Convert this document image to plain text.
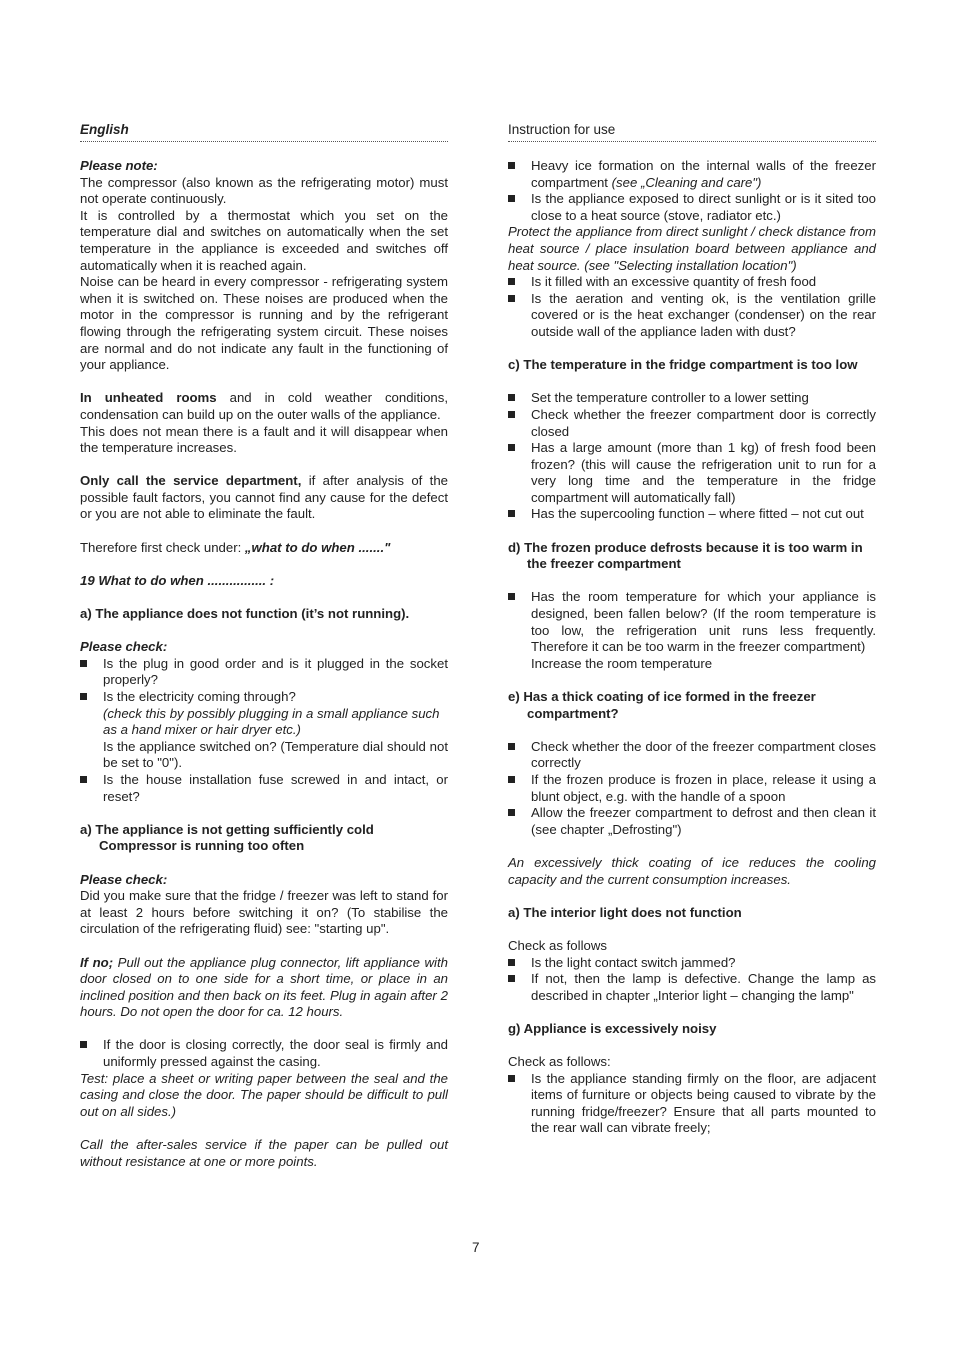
English	Instruction for use

Please note:

The compressor (also known as the refrigerating motor) must not operate continuously.

It is controlled by a thermostat which you set on the temperature dial and switches on automatically when the set temperature in the appliance is exceeded and switches off automatically when it is reached again.

Noise can be heard in every compressor - refrigerating system when it is switched on. These noises are produced when the motor in the compressor is running and by the refrigerant flowing through the refrigerating system circuit. These noises are normal and do not indicate any fault in the functioning of your appliance.

In unheated rooms and in cold weather conditions, condensation can build up on the outer walls of the appliance.

This does not mean there is a fault and it will disappear when the temperature increases.

Only call the service department, if after analysis of the possible fault factors, you cannot find any cause for the defect or you are not able to eliminate the fault.

Therefore first check under: „what to do when ......."

19 What to do when ................ :

a) The appliance does not function (it’s not running).

Please check:

Is the plug in good order and is it plugged in the socket properly?
Is the electricity coming through?
(check this by possibly plugging in a small appliance such as a hand mixer or hair dryer etc.)
Is the appliance switched on? (Temperature dial should not be set to "0").
Is the house installation fuse screwed in and intact, or reset?

a) The appliance is not getting sufficiently cold

Compressor is running too often

Please check:

Did you make sure that the fridge / freezer was left to stand for at least 2 hours before switching it on? (To stabilise the circulation of the refrigerating fluid) see: "starting up".

If no; Pull out the appliance plug connector, lift appliance with door closed on to one side for a short time, or place in an inclined position and then back on its feet. Plug in again after 2 hours. Do not open the door for ca. 12 hours.

If the door is closing correctly, the door seal is firmly and uniformly pressed against the casing.

Test: place a sheet or writing paper between the seal and the casing and close the door. The paper should be difficult to pull out on all sides.)

Call the after-sales service if the paper can be pulled out without resistance at one or more points.

Heavy ice formation on the internal walls of the freezer compartment (see „Cleaning and care")
Is the appliance exposed to direct sunlight or is it sited too close to a heat source (stove, radiator etc.)

Protect the appliance from direct sunlight / check distance from heat source / place insulation board between appliance and heat source. (see "Selecting installation location")

Is it filled with an excessive quantity of fresh food
Is the aeration and venting ok, is the ventilation grille covered or is the heat exchanger (condenser) on the rear outside wall of the appliance laden with dust?

c) The temperature in the fridge compartment is too low

Set the temperature controller to a lower setting
Check whether the freezer compartment door is correctly closed
Has a large amount (more than 1 kg) of fresh food been frozen? (this will cause the refrigeration unit to run for a very long time and the temperature in the fridge compartment will automatically fall)
Has the supercooling function – where fitted – not cut out

d) The frozen produce defrosts because it is too warm in the freezer compartment

Has the room temperature for which your appliance is designed, been fallen below? (If the room temperature is too low, the refrigeration unit runs less frequently. Therefore it can be too warm in the freezer compartment)
Increase the room temperature

e) Has a thick coating of ice formed in the freezer compartment?

Check whether the door of the freezer compartment closes correctly
If the frozen produce is frozen in place, release it using a blunt object, e.g. with the handle of a spoon
Allow the freezer compartment to defrost and then clean it (see chapter „Defrosting")

An excessively thick coating of ice reduces the cooling capacity and the current consumption increases.

a) The interior light does not function

Check as follows

Is the light contact switch jammed?
If not, then the lamp is defective. Change the lamp as described in chapter „Interior light – changing the lamp"

g) Appliance is excessively noisy

Check as follows:

Is the appliance standing firmly on the floor, are adjacent items of furniture or objects being caused to vibrate by the running fridge/freezer? Ensure that all parts mounted to the rear wall can vibrate freely;
7
